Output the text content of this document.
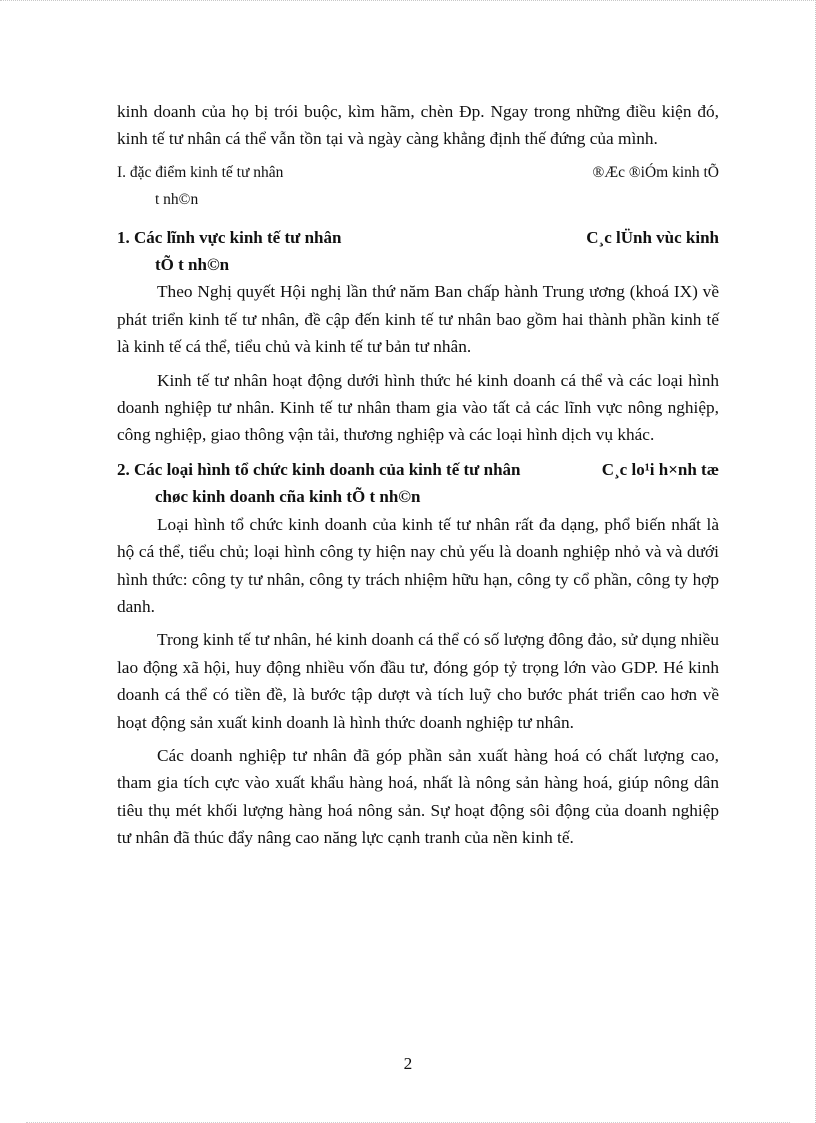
kinh doanh của họ bị trói buộc, kìm hãm, chèn Ðp. Ngay trong những điều kiện đó, kinh tế tư nhân cá thể vẫn tồn tại và ngày càng khẳng định thế đứng của mình.

I. đặc điểm kinh tế tư nhân	®Æc ®iÓm kinh tÕ
t nh©n
1. Các lĩnh vực kinh tế tư nhân	C¸c lÜnh vùc kinh
tÕ t nh©n

Theo Nghị quyết Hội nghị lần thứ năm Ban chấp hành Trung ương (khoá IX) về phát triển kinh tế tư nhân, đề cập đến kinh tế tư nhân bao gồm hai thành phần kinh tế là kinh tế cá thể, tiểu chủ và kinh tế tư bản tư nhân.

Kinh tế tư nhân hoạt động dưới hình thức hé kinh doanh cá thể và các loại hình doanh nghiệp tư nhân. Kinh tế tư nhân tham gia vào tất cả các lĩnh vực nông nghiệp, công nghiệp, giao thông vận tải, thương nghiệp và các loại hình dịch vụ khác.

2. Các loại hình tổ chức kinh doanh của kinh tế tư nhân	C¸c lo¹i h×nh tæ
chøc kinh doanh cña kinh tÕ t nh©n

Loại hình tổ chức kinh doanh của kinh tế tư nhân rất đa dạng, phổ biến nhất là hộ cá thể, tiểu chủ; loại hình công ty hiện nay chủ yếu là doanh nghiệp nhỏ và và dưới hình thức: công ty tư nhân, công ty trách nhiệm hữu hạn, công ty cổ phần, công ty hợp danh.

Trong kinh tế tư nhân, hé kinh doanh cá thể có số lượng đông đảo, sử dụng nhiều lao động xã hội, huy động nhiều vốn đầu tư, đóng góp tỷ trọng lớn vào GDP. Hé kinh doanh cá thể có tiền đề, là bước tập dượt và tích luỹ cho bước phát triển cao hơn về hoạt động sản xuất kinh doanh là hình thức doanh nghiệp tư nhân.

Các doanh nghiệp tư nhân đã góp phần sản xuất hàng hoá có chất lượng cao, tham gia tích cực vào xuất khẩu hàng hoá, nhất là nông sản hàng hoá, giúp nông dân tiêu thụ mét khối lượng hàng hoá nông sản. Sự hoạt động sôi động của doanh nghiệp tư nhân đã thúc đẩy nâng cao năng lực cạnh tranh của nền kinh tế.

2
